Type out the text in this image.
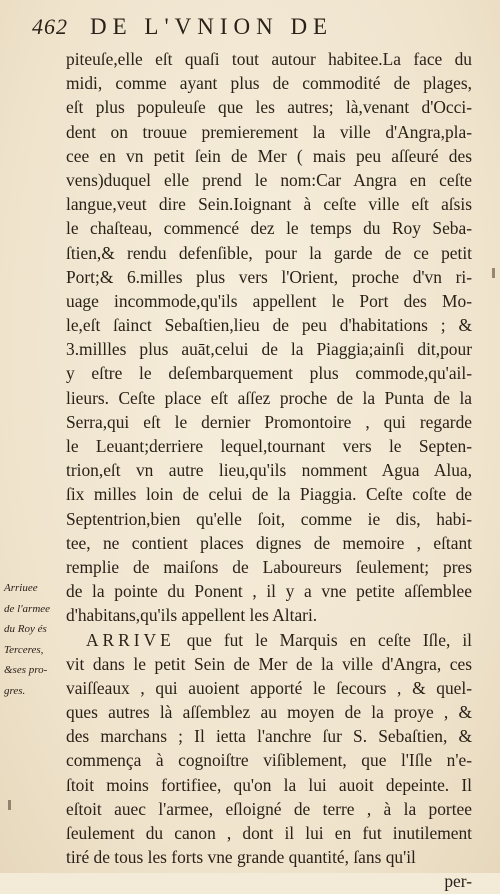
462 DE L'VNION DE
Arriuee
de l'armee
du Roy és
Terceres,
&ses pro-
gres.
piteuſe,elle eſt quaſi tout autour habitee.La face du
midi, comme ayant plus de commodité de plages,
eſt plus populeuſe que les autres; là,venant d'Occi-
dent on trouue premierement la ville d'Angra,pla-
cee en vn petit ſein de Mer ( mais peu aſſeuré des
vens)duquel elle prend le nom:Car Angra en ceſte
langue,veut dire Sein.Ioignant à ceſte ville eſt aſsis
le chaſteau, commencé dez le temps du Roy Seba-
ſtien,& rendu defenſible, pour la garde de ce petit
Port;& 6.milles plus vers l'Orient, proche d'vn ri-
uage incommode,qu'ils appellent le Port des Mo-
le,eſt ſainct Sebaſtien,lieu de peu d'habitations ; &
3.millles plus auāt,celui de la Piaggia;ainſi dit,pour
y eſtre le deſembarquement plus commode,qu'ail-
lieurs. Ceſte place eſt aſſez proche de la Punta de la
Serra,qui eſt le dernier Promontoire , qui regarde
le Leuant;derriere lequel,tournant vers le Septen-
trion,eſt vn autre lieu,qu'ils nomment Agua Alua,
ſix milles loin de celui de la Piaggia. Ceſte coſte de
Septentrion,bien qu'elle ſoit, comme ie dis, habi-
tee, ne contient places dignes de memoire , eſtant
remplie de maiſons de Laboureurs ſeulement; pres
de la pointe du Ponent , il y a vne petite aſſemblee
d'habitans,qu'ils appellent les Altari.
ARRIVE que fut le Marquis en ceſte Iſle, il
vit dans le petit Sein de Mer de la ville d'Angra, ces
vaiſſeaux , qui auoient apporté le ſecours , & quel-
ques autres là aſſemblez au moyen de la proye , &
des marchans ; Il ietta l'anchre ſur S. Sebaſtien, &
commença à cognoiſtre viſiblement, que l'Iſle n'e-
ſtoit moins fortifiee, qu'on la lui auoit depeinte. Il
eſtoit auec l'armee, eſloigné de terre , à la portee
ſeulement du canon , dont il lui en fut inutilement
tiré de tous les forts vne grande quantité, ſans qu'il
per-
